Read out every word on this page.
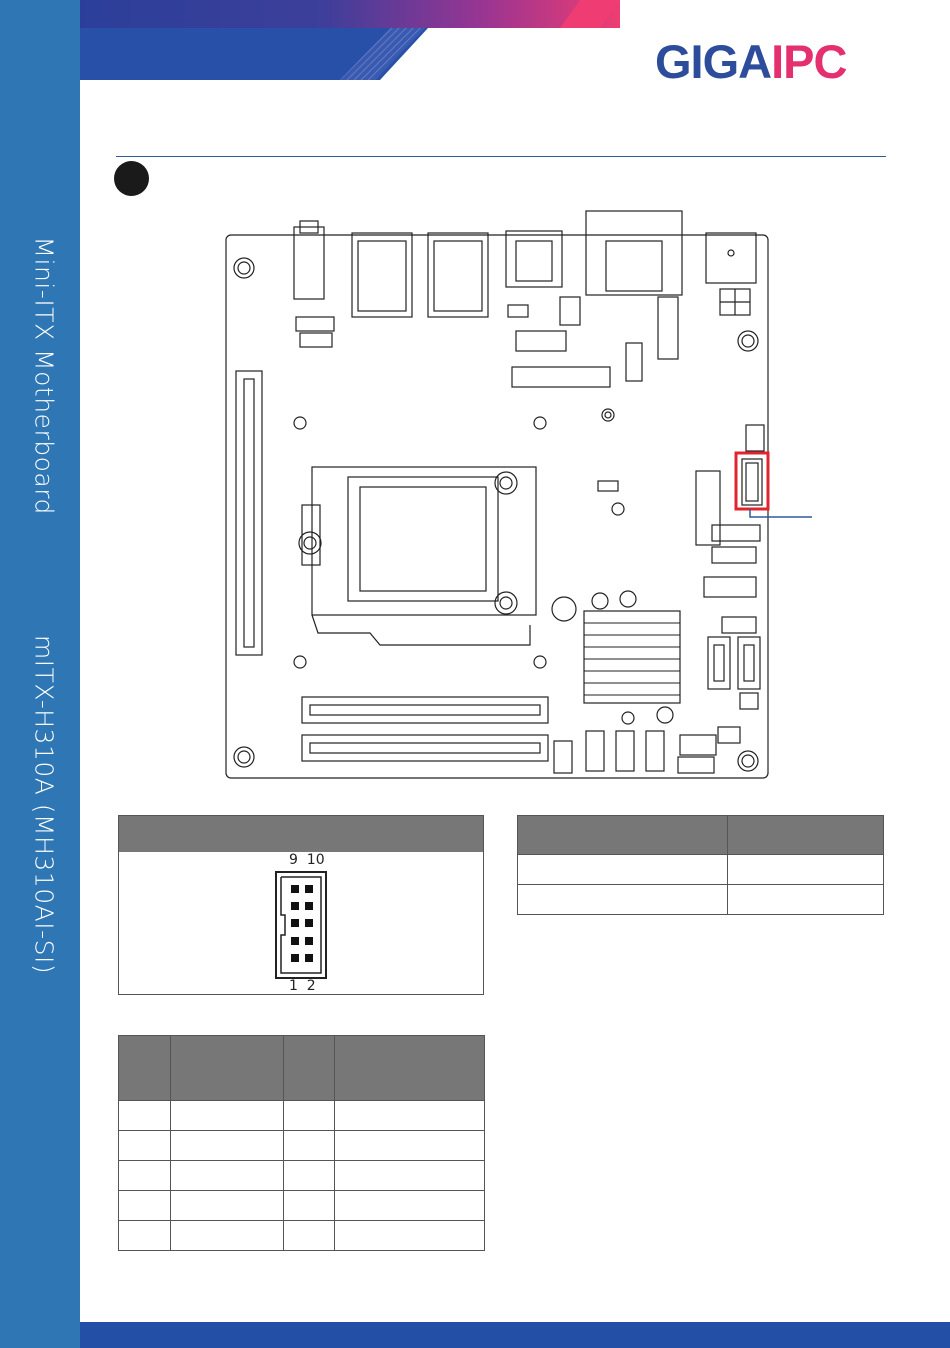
Mini-ITX Motherboard
mITX-H310A (MH310AI-SI)
GIGAIPC
9  10
1  2
